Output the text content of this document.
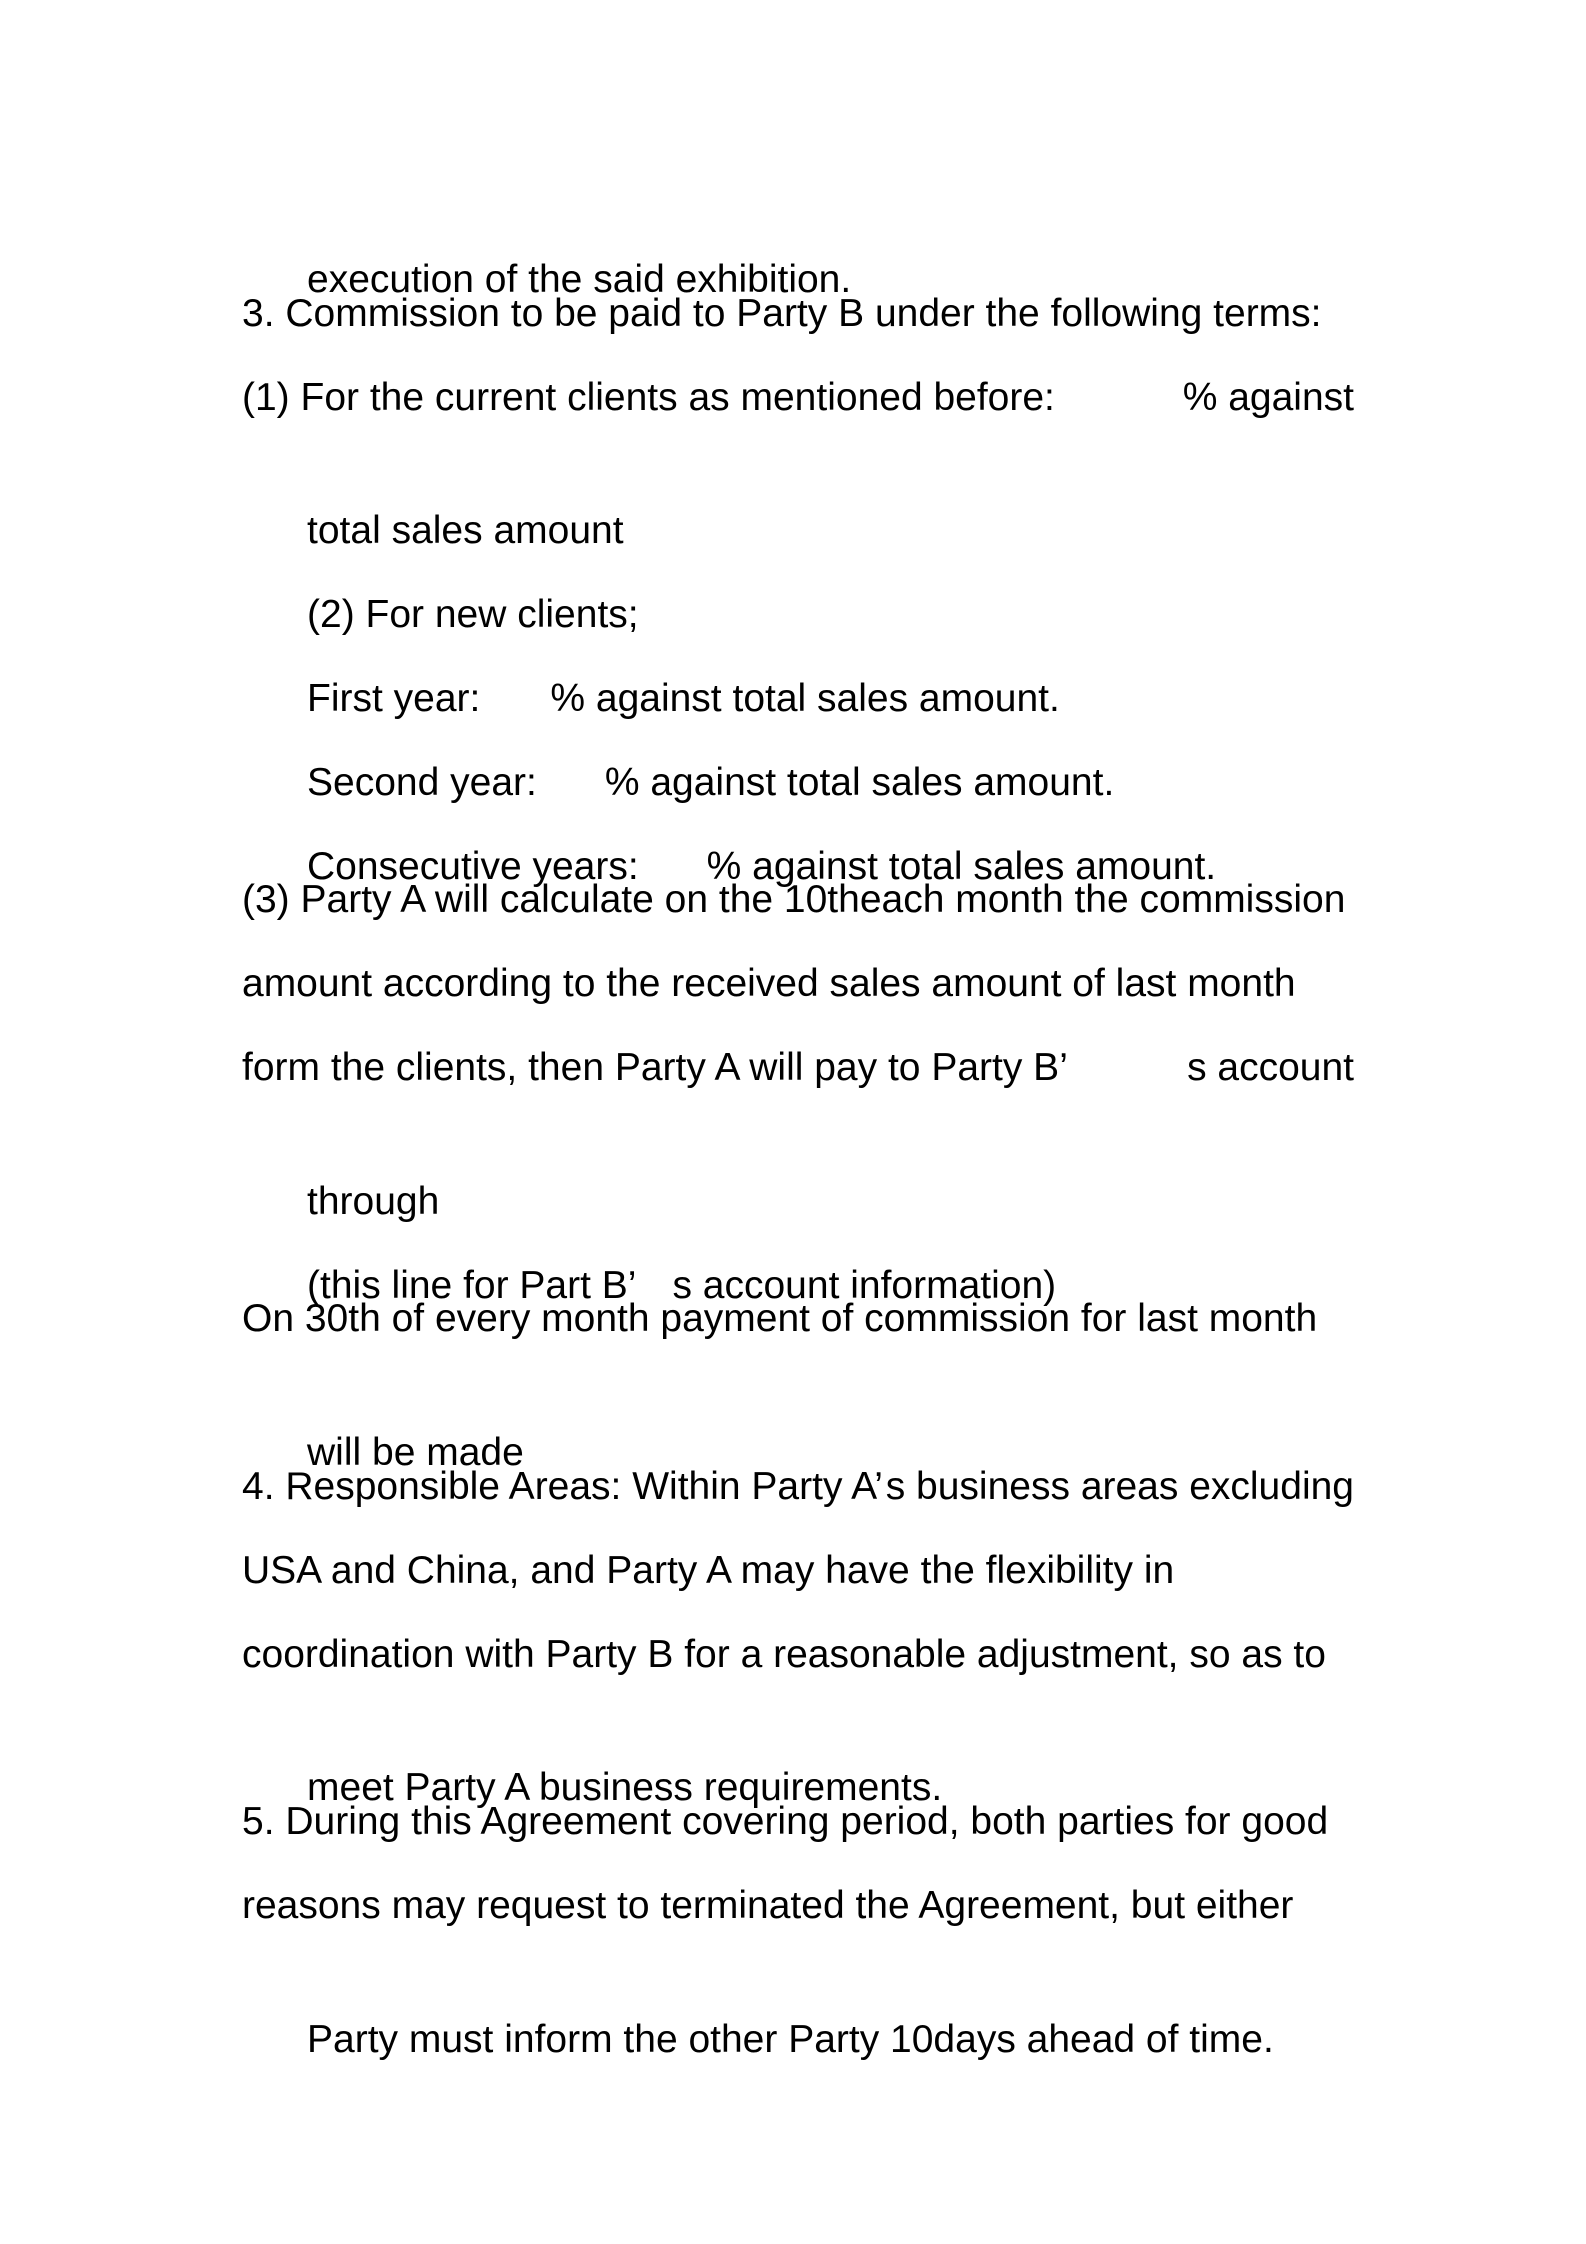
execution of the said exhibition.

3. Commission to be paid to Party B under the following terms:
(1) For the current clients as mentioned before:	% against

total sales amount

(2) For new clients;

First year: % against total sales amount.

Second year: % against total sales amount.

Consecutive years: % against total sales amount.

(3) Party A will calculate on the 10theach month the commission
amount according to the received sales amount of last month
form the clients, then Party A will pay to Party B’	s account

through

(this line for Part B’ s account information)

On 30th of every month payment of commission for last month

will be made

4. Responsible Areas: Within Party A’ s business areas excluding
USA and China, and Party A may have the flexibility in
coordination with Party B for a reasonable adjustment, so as to

meet Party A business requirements.

5. During this Agreement covering period, both parties for good
reasons may request to terminated the Agreement, but either

Party must inform the other Party 10days ahead of time.
